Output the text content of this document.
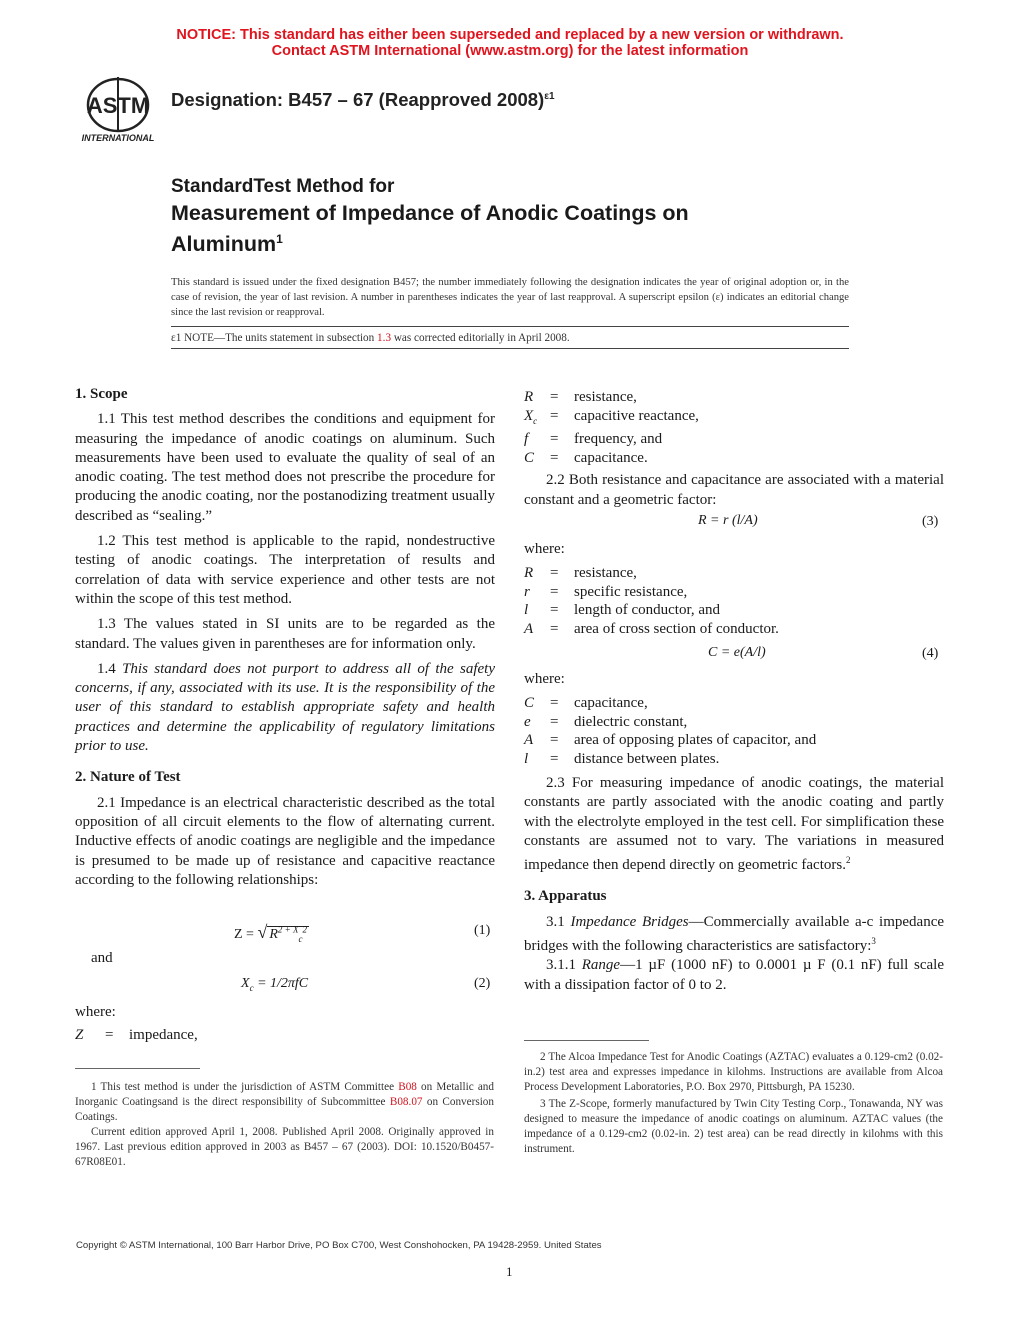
NOTICE: This standard has either been superseded and replaced by a new version or withdrawn.
Contact ASTM International (www.astm.org) for the latest information
ASTM
INTERNATIONAL
Designation: B457 – 67 (Reapproved 2008)$^{\varepsilon 1}$
StandardTest Method for
Measurement of Impedance of Anodic Coatings on Aluminum$^1$
This standard is issued under the fixed designation B457; the number immediately following the designation indicates the year of original adoption or, in the case of revision, the year of last revision. A number in parentheses indicates the year of last reapproval. A superscript epsilon (ε) indicates an editorial change since the last revision or reapproval.
ε1 NOTE—The units statement in subsection 1.3 was corrected editorially in April 2008.
1. Scope

1.1 This test method describes the conditions and equipment for measuring the impedance of anodic coatings on aluminum. Such measurements have been used to evaluate the quality of seal of an anodic coating. The test method does not prescribe the procedure for producing the anodic coating, nor the postanodizing treatment usually described as “sealing.”

1.2 This test method is applicable to the rapid, nondestructive testing of anodic coatings. The interpretation of results and correlation of data with service experience and other tests are not within the scope of this test method.

1.3 The values stated in SI units are to be regarded as the standard. The values given in parentheses are for information only.

1.4 This standard does not purport to address all of the safety concerns, if any, associated with its use. It is the responsibility of the user of this standard to establish appropriate safety and health practices and determine the applicability of regulatory limitations prior to use.

2. Nature of Test

2.1 Impedance is an electrical characteristic described as the total opposition of all circuit elements to the flow of alternating current. Inductive effects of anodic coatings are negligible and the impedance is presumed to be made up of resistance and capacitive reactance according to the following relationships:

Z = √ $R^{2 + X}_c^2$	(1)
and
$X_c = 1/2\pi fC$	(2)
where:
Z	=	impedance,

1 This test method is under the jurisdiction of ASTM Committee B08 on Metallic and Inorganic Coatingsand is the direct responsibility of Subcommittee B08.07 on Conversion Coatings.

Current edition approved April 1, 2008. Published April 2008. Originally approved in 1967. Last previous edition approved in 2003 as B457 – 67 (2003). DOI: 10.1520/B0457-67R08E01.

R	=	resistance,
$X_c$ =	capacitive reactance,
f	=	frequency, and
C	=	capacitance.

2.2 Both resistance and capacitance are associated with a material constant and a geometric factor:

R = r (l/A)	(3)
where:
R	=	resistance,
r	=	specific resistance,
l	=	length of conductor, and
A	=	area of cross section of conductor.
C = e(A/l)	(4)
where:
C	=	capacitance,
e	=	dielectric constant,
A	=	area of opposing plates of capacitor, and
l	=	distance between plates.

2.3 For measuring impedance of anodic coatings, the material constants are partly associated with the anodic coating and partly with the electrolyte employed in the test cell. For simplification these constants are assumed not to vary. The variations in measured impedance then depend directly on geometric factors.$^2$

3. Apparatus

3.1 Impedance Bridges—Commercially available a-c impedance bridges with the following characteristics are satisfactory:$^3$

3.1.1 Range—1 µF (1000 nF) to 0.0001 µ F (0.1 nF) full scale with a dissipation factor of 0 to 2.

2 The Alcoa Impedance Test for Anodic Coatings (AZTAC) evaluates a 0.129-cm2 (0.02-in.2) test area and expresses impedance in kilohms. Instructions are available from Alcoa Process Development Laboratories, P.O. Box 2970, Pittsburgh, PA 15230.

3 The Z-Scope, formerly manufactured by Twin City Testing Corp., Tonawanda, NY was designed to measure the impedance of anodic coatings on aluminum. AZTAC values (the impedance of a 0.129-cm2 (0.02-in. 2) test area) can be read directly in kilohms with this instrument.

Copyright © ASTM International, 100 Barr Harbor Drive, PO Box C700, West Conshohocken, PA 19428-2959. United States
1
